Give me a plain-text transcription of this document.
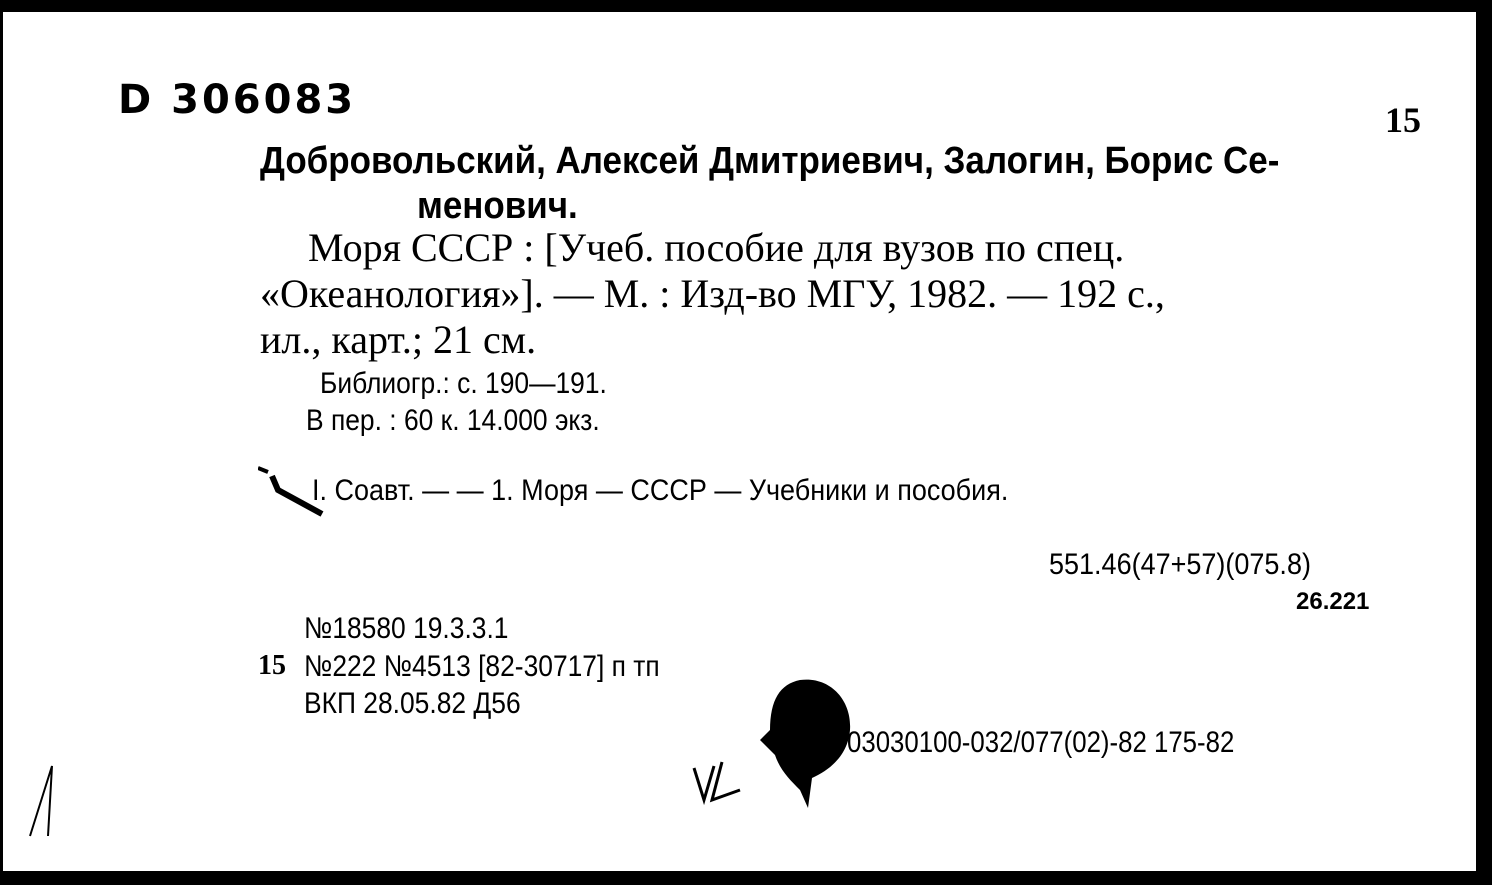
D 306083	15
Добровольский, Алексей Дмитриевич, Залогин, Борис Се-
менович.
Моря СССР : [Учеб. пособие для вузов по спец.
«Океанология»]. — М. : Изд-во МГУ, 1982. — 192 с.,
ил., карт.; 21 см.
Библиогр.: с. 190—191.
В пер. : 60 к. 14.000 экз.
I. Соавт. — — 1. Моря — СССР — Учебники и пособия.
551.46(47+57)(075.8)
26.221
№18580 19.3.3.1
15 №222 №4513 [82-30717] п тп
ВКП 28.05.82 Д56
03030100-032/077(02)-82 175-82
